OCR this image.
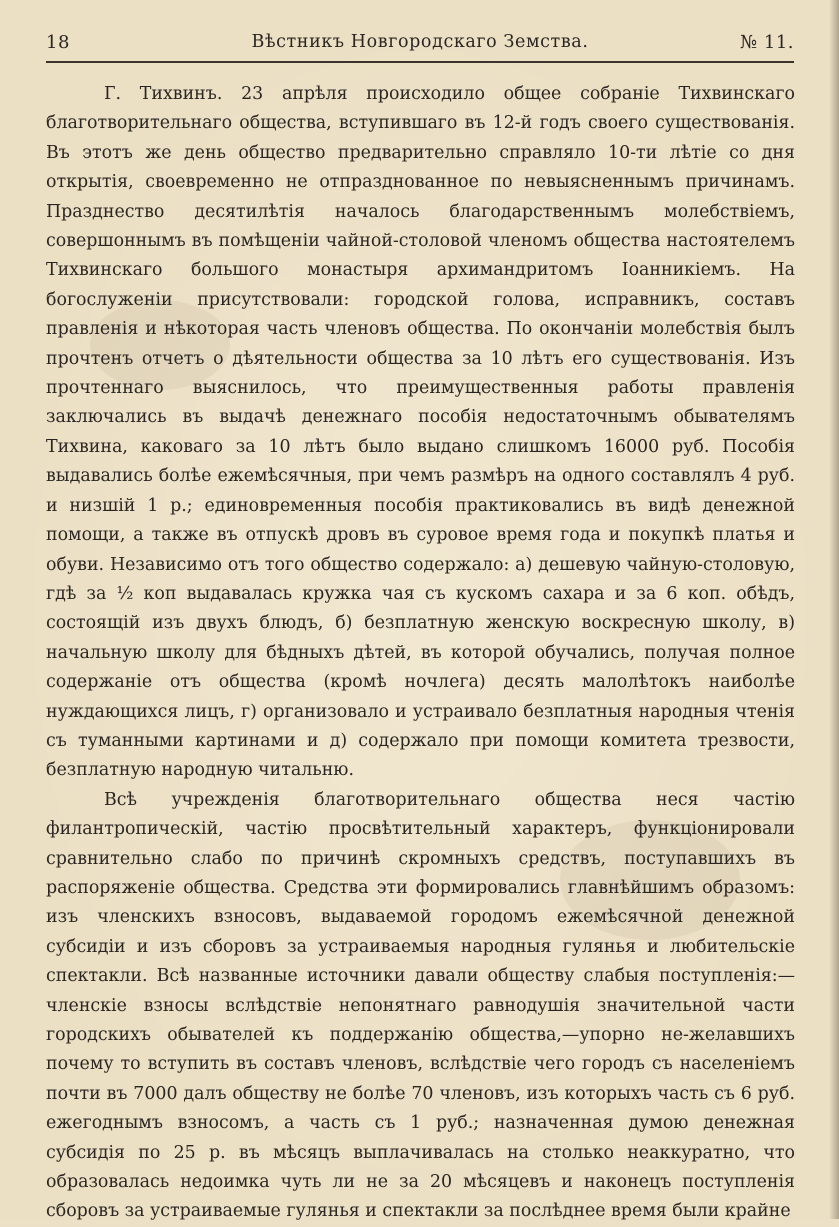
18	Вѣстникъ Новгородскаго Земства.	№ 11.

Г. Тихвинъ. 23 апрѣля происходило общее собраніе Тихвинскаго благотворительнаго общества, вступившаго въ 12-й годъ своего существованія. Въ этотъ же день общество предварительно справляло 10-ти лѣтіе со дня открытія, своевременно не отпразднованное по невыясненнымъ причинамъ. Празднество десятилѣтія началось благодарственнымъ молебствіемъ, совершоннымъ въ помѣщеніи чайной-столовой членомъ общества настоятелемъ Тихвинскаго большого монастыря архимандритомъ Іоанникіемъ. На богослуженіи присутствовали: городской голова, исправникъ, составъ правленія и нѣкоторая часть членовъ общества. По окончаніи молебствія былъ прочтенъ отчетъ о дѣятельности общества за 10 лѣтъ его существованія. Изъ прочтеннаго выяснилось, что преимущественныя работы правленія заключались въ выдачѣ денежнаго пособія недостаточнымъ обывателямъ Тихвина, каковаго за 10 лѣтъ было выдано слишкомъ 16000 руб. Пособія выдавались болѣе ежемѣсячныя, при чемъ размѣръ на одного составлялъ 4 руб. и низшій 1 р.; единовременныя пособія практиковались въ видѣ денежной помощи, а также въ отпускѣ дровъ въ суровое время года и покупкѣ платья и обуви. Независимо отъ того общество содержало: а) дешевую чайную-столовую, гдѣ за ½ коп выдавалась кружка чая съ кускомъ сахара и за 6 коп. обѣдъ, состоящій изъ двухъ блюдъ, б) безплатную женскую воскресную школу, в) начальную школу для бѣдныхъ дѣтей, въ которой обучались, получая полное содержаніе отъ общества (кромѣ ночлега) десять малолѣтокъ наиболѣе нуждающихся лицъ, г) организовало и устраивало безплатныя народныя чтенія съ туманными картинами и д) содержало при помощи комитета трезвости, безплатную народную читальню.

Всѣ учрежденія благотворительнаго общества неся частію филантропическій, частію просвѣтительный характеръ, функціонировали сравнительно слабо по причинѣ скромныхъ средствъ, поступавшихъ въ распоряженіе общества. Средства эти формировались главнѣйшимъ образомъ: изъ членскихъ взносовъ, выдаваемой городомъ ежемѣсячной денежной субсидіи и изъ сборовъ за устраиваемыя народныя гулянья и любительскіе спектакли. Всѣ названные источники давали обществу слабыя поступленія:—членскіе взносы вслѣдствіе непонятнаго равнодушія значительной части городскихъ обывателей къ поддержанію общества,—упорно не-желавшихъ почему то вступить въ составъ членовъ, вслѣдствіе чего городъ съ населеніемъ почти въ 7000 далъ обществу не болѣе 70 членовъ, изъ которыхъ часть съ 6 руб. ежегоднымъ взносомъ, а часть съ 1 руб.; назначенная думою денежная субсидія по 25 р. въ мѣсяцъ выплачивалась на столько неаккуратно, что образовалась недоимка чуть ли не за 20 мѣсяцевъ и наконецъ поступленія сборовъ за устраиваемые гулянья и спектакли за послѣднее время были крайне
